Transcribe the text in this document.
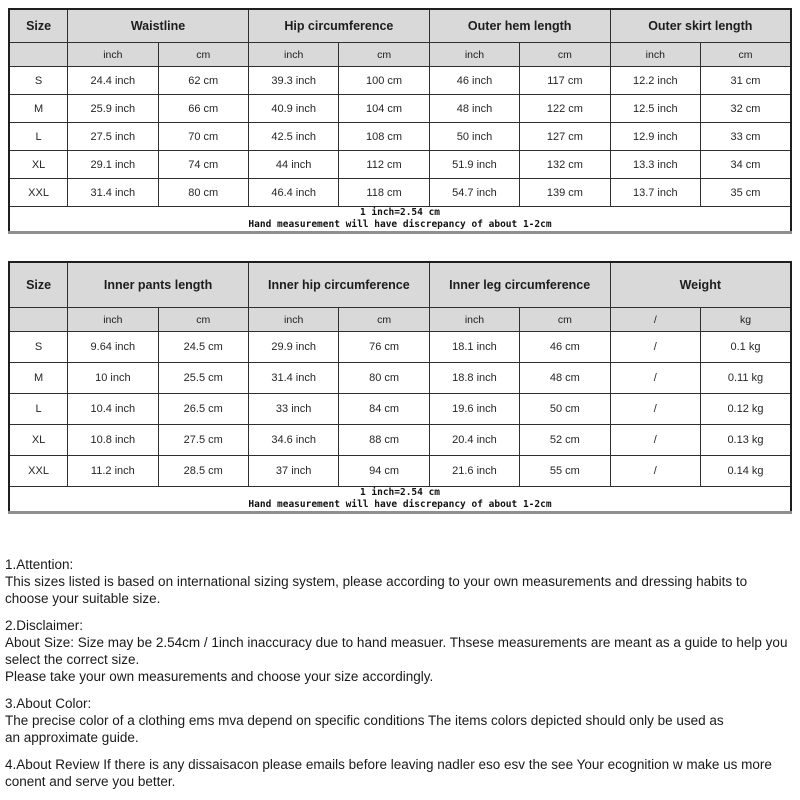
Size	Waistline		Hip circumference		Outer hem length		Outer skirt length	
	inch	cm	inch	cm	inch	cm	inch	cm
S	24.4 inch	62 cm	39.3 inch	100 cm	46 inch	117 cm	12.2 inch	31 cm
M	25.9 inch	66 cm	40.9 inch	104 cm	48 inch	122 cm	12.5 inch	32 cm
L	27.5 inch	70 cm	42.5 inch	108 cm	50 inch	127 cm	12.9 inch	33 cm
XL	29.1 inch	74 cm	44 inch	112 cm	51.9 inch	132 cm	13.3 inch	34 cm
XXL	31.4 inch	80 cm	46.4 inch	118 cm	54.7 inch	139 cm	13.7 inch	35 cm

1 inch=2.54 cm
Hand measurement will have discrepancy of about 1-2cm								
Size	Inner pants length		Inner hip circumference		Inner leg circumference		Weight	
	inch	cm	inch	cm	inch	cm	/	kg
S	9.64 inch	24.5 cm	29.9 inch	76 cm	18.1 inch	46 cm	/	0.1 kg
M	10 inch	25.5 cm	31.4 inch	80 cm	18.8 inch	48 cm	/	0.11 kg
L	10.4 inch	26.5 cm	33 inch	84 cm	19.6 inch	50 cm	/	0.12 kg
XL	10.8 inch	27.5 cm	34.6 inch	88 cm	20.4 inch	52 cm	/	0.13 kg
XXL	11.2 inch	28.5 cm	37 inch	94 cm	21.6 inch	55 cm	/	0.14 kg

1 inch=2.54 cm
Hand measurement will have discrepancy of about 1-2cm								
1.Attention:
This sizes listed is based on international sizing system, please according to your own measurements and dressing habits to choose your suitable size.
2.Disclaimer:
About Size: Size may be 2.54cm / 1inch inaccuracy due to hand measuer. Thsese measurements are meant as a guide to help you select the correct size.
Please take your own measurements and choose your size accordingly.
3.About Color:
The precise color of a clothing ems mva depend on specific conditions The items colors depicted should only be used as
an approximate guide.
4.About Review If there is any dissaisacon please emails before leaving nadler eso esv the see Your ecognition w make us more
conent and serve you better.
